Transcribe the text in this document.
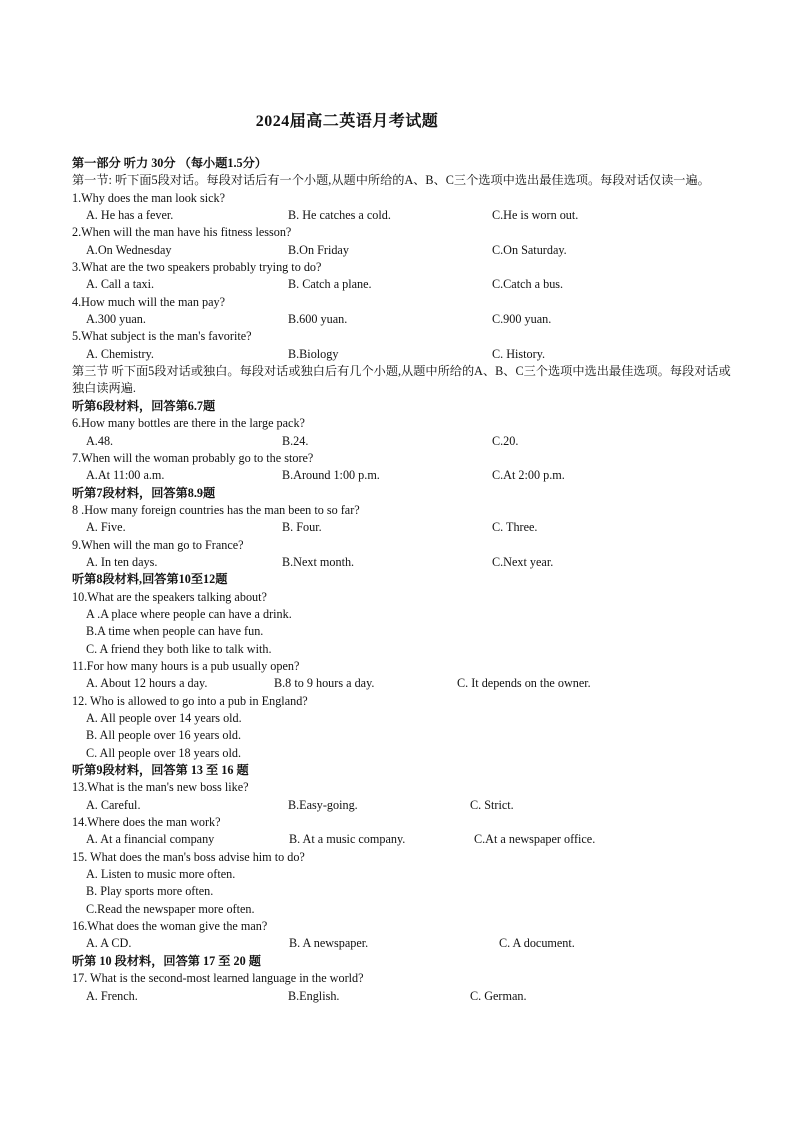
2024届高二英语月考试题
第一部分 听力 30分 （每小题1.5分）
第一节: 听下面5段对话。每段对话后有一个小题,从题中所给的A、B、C三个选项中选出最佳选项。每段对话仅读一遍。
1.Why does the man look sick?
A. He has a fever.	B. He catches a cold.	C.He is worn out.
2.When will the man have his fitness lesson?
A.On Wednesday	B.On Friday	C.On Saturday.
3.What are the two speakers probably trying to do?
A. Call a taxi.	B. Catch a plane.	C.Catch a bus.
4.How much will the man pay?
A.300 yuan.	B.600 yuan.	C.900 yuan.
5.What subject is the man's favorite?
A. Chemistry.	B.Biology	C. History.
第三节 听下面5段对话或独白。每段对话或独白后有几个小题,从题中所给的A、B、C三个选项中选出最佳选项。每段对话或独白读两遍.
听第6段材料，回答第6.7题
6.How many bottles are there in the large pack?
A.48.	B.24.	C.20.
7.When will the woman probably go to the store?
A.At 11:00 a.m.	B.Around 1:00 p.m.	C.At 2:00 p.m.
听第7段材料，回答第8.9题
8 .How many foreign countries has the man been to so far?
A. Five.	B. Four.	C. Three.
9.When will the man go to France?
A. In ten days.	B.Next month.	C.Next year.
听第8段材料,回答第10至12题
10.What are the speakers talking about?
A .A place where people can have a drink.
B.A time when people can have fun.
C. A friend they both like to talk with.
11.For how many hours is a pub usually open?
A. About 12 hours a day.	B.8 to 9 hours a day.	C. It depends on the owner.
12. Who is allowed to go into a pub in England?
A. All people over 14 years old.
B. All people over 16 years old.
C. All people over 18 years old.
听第9段材料，回答第 13 至 16 题
13.What is the man's new boss like?
A. Careful.	B.Easy-going.	C. Strict.
14.Where does the man work?
A. At a financial company	B. At a music company.	C.At a newspaper office.
15. What does the man's boss advise him to do?
A. Listen to music more often.
B. Play sports more often.
C.Read the newspaper more often.
16.What does the woman give the man?
A. A CD.	B. A newspaper.	C. A document.
听第 10 段材料，回答第 17 至 20 题
17. What is the second-most learned language in the world?
A. French.	B.English.	C. German.
